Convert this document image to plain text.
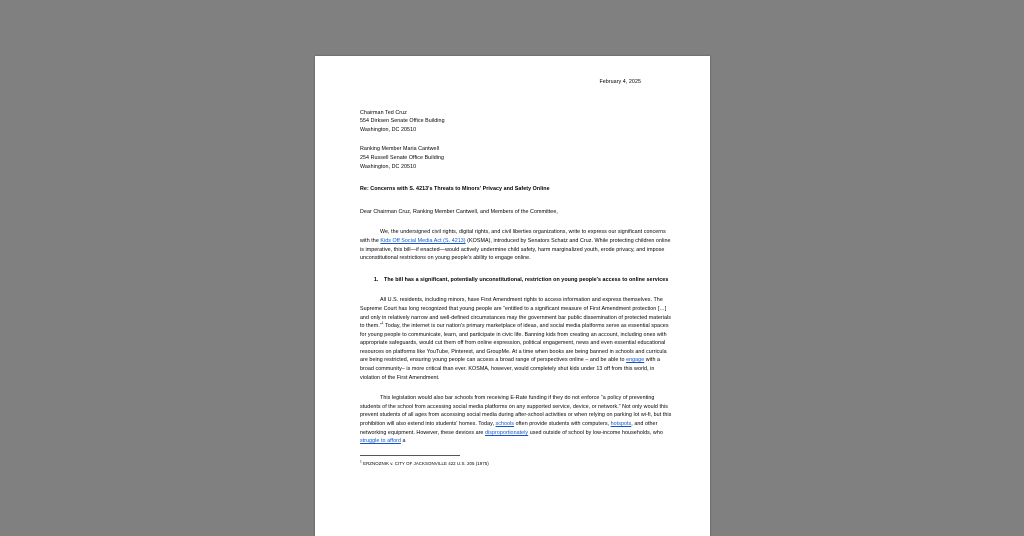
February 4, 2025
Chairman Ted Cruz
554 Dirksen Senate Office Building
Washington, DC 20510
Ranking Member Maria Cantwell
254 Russell Senate Office Building
Washington, DC 20510
Re: Concerns with S. 4213's Threats to Minors' Privacy and Safety Online
Dear Chairman Cruz, Ranking Member Cantwell, and Members of the Committee,

We, the undersigned civil rights, digital rights, and civil liberties organizations, write to express our significant concerns with the Kids Off Social Media Act (S. 4213) (KOSMA), introduced by Senators Schatz and Cruz. While protecting children online is imperative, this bill—if enacted—would actively undermine child safety, harm marginalized youth, erode privacy, and impose unconstitutional restrictions on young people's ability to engage online.

1. The bill has a significant, potentially unconstitutional, restriction on young people's access to online services

All U.S. residents, including minors, have First Amendment rights to access information and express themselves. The Supreme Court has long recognized that young people are “entitled to a significant measure of First Amendment protection […] and only in relatively narrow and well-defined circumstances may the government bar public dissemination of protected materials to them.”$^1$ Today, the internet is our nation's primary marketplace of ideas, and social media platforms serve as essential spaces for young people to communicate, learn, and participate in civic life. Banning kids from creating an account, including ones with appropriate safeguards, would cut them off from online expression, political engagement, news and even essential educational resources on platforms like YouTube, Pinterest, and GroupMe. At a time when books are being banned in schools and curricula are being restricted, ensuring young people can access a broad range of perspectives online – and be able to engage with a broad community– is more critical than ever. KOSMA, however, would completely shut kids under 13 off from this world, in violation of the First Amendment.

This legislation would also bar schools from receiving E-Rate funding if they do not enforce “a policy of preventing students of the school from accessing social media platforms on any supported service, device, or network.” Not only would this prevent students of all ages from accessing social media during after-school activities or when relying on parking lot wi-fi, but this prohibition will also extend into students' homes. Today, schools often provide students with computers, hotspots, and other networking equipment. However, these devices are disproportionately used outside of school by low-income households, who struggle to afford a

$^1$ ERZNOZNIK v. CITY OF JACKSONVILLE 422 U.S. 205 (1975)
